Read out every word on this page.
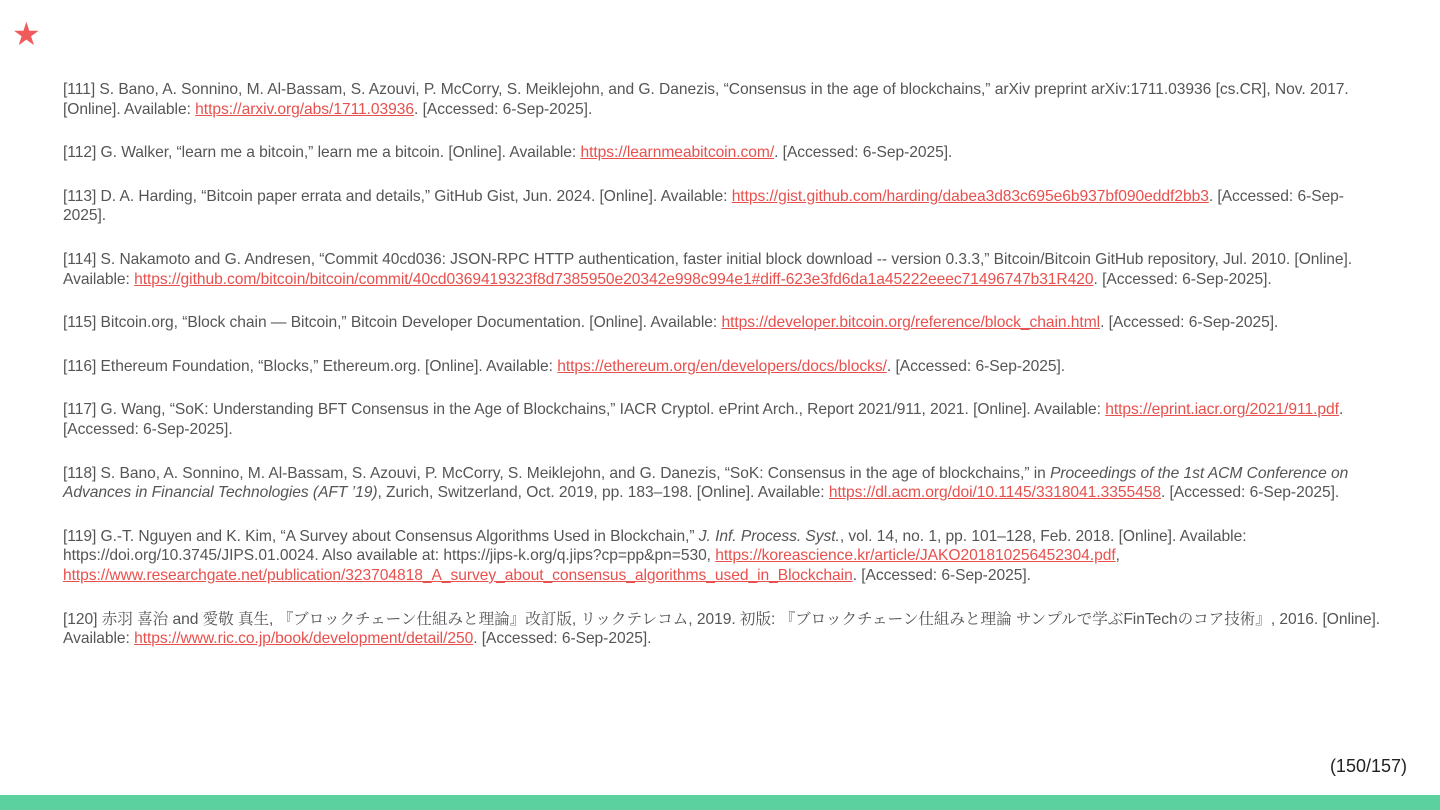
★

[111] S. Bano, A. Sonnino, M. Al-Bassam, S. Azouvi, P. McCorry, S. Meiklejohn, and G. Danezis, “Consensus in the age of blockchains,” arXiv preprint arXiv:1711.03936 [cs.CR], Nov. 2017. [Online]. Available: https://arxiv.org/abs/1711.03936. [Accessed: 6-Sep-2025].

[112] G. Walker, “learn me a bitcoin,” learn me a bitcoin. [Online]. Available: https://learnmeabitcoin.com/. [Accessed: 6-Sep-2025].

[113] D. A. Harding, “Bitcoin paper errata and details,” GitHub Gist, Jun. 2024. [Online]. Available: https://gist.github.com/harding/dabea3d83c695e6b937bf090eddf2bb3. [Accessed: 6-Sep-2025].

[114] S. Nakamoto and G. Andresen, “Commit 40cd036: JSON-RPC HTTP authentication, faster initial block download -- version 0.3.3,” Bitcoin/Bitcoin GitHub repository, Jul. 2010. [Online]. Available: https://github.com/bitcoin/bitcoin/commit/40cd0369419323f8d7385950e20342e998c994e1#diff-623e3fd6da1a45222eeec71496747b31R420. [Accessed: 6-Sep-2025].

[115] Bitcoin.org, “Block chain — Bitcoin,” Bitcoin Developer Documentation. [Online]. Available: https://developer.bitcoin.org/reference/block_chain.html. [Accessed: 6-Sep-2025].

[116] Ethereum Foundation, “Blocks,” Ethereum.org. [Online]. Available: https://ethereum.org/en/developers/docs/blocks/. [Accessed: 6-Sep-2025].

[117] G. Wang, “SoK: Understanding BFT Consensus in the Age of Blockchains,” IACR Cryptol. ePrint Arch., Report 2021/911, 2021. [Online]. Available: https://eprint.iacr.org/2021/911.pdf. [Accessed: 6-Sep-2025].

[118] S. Bano, A. Sonnino, M. Al-Bassam, S. Azouvi, P. McCorry, S. Meiklejohn, and G. Danezis, “SoK: Consensus in the age of blockchains,” in Proceedings of the 1st ACM Conference on Advances in Financial Technologies (AFT ’19), Zurich, Switzerland, Oct. 2019, pp. 183–198. [Online]. Available: https://dl.acm.org/doi/10.1145/3318041.3355458. [Accessed: 6-Sep-2025].

[119] G.-T. Nguyen and K. Kim, “A Survey about Consensus Algorithms Used in Blockchain,” J. Inf. Process. Syst., vol. 14, no. 1, pp. 101–128, Feb. 2018. [Online]. Available: https://doi.org/10.3745/JIPS.01.0024. Also available at: https://jips-k.org/q.jips?cp=pp&pn=530, https://koreascience.kr/article/JAKO201810256452304.pdf, https://www.researchgate.net/publication/323704818_A_survey_about_consensus_algorithms_used_in_Blockchain. [Accessed: 6-Sep-2025].

[120] 赤羽 喜治 and 愛敬 真生, 『ブロックチェーン仕組みと理論』改訂版, リックテレコム, 2019. 初版: 『ブロックチェーン仕組みと理論 サンプルで学ぶFinTechのコア技術』, 2016. [Online]. Available: https://www.ric.co.jp/book/development/detail/250. [Accessed: 6-Sep-2025].

(150/157)
